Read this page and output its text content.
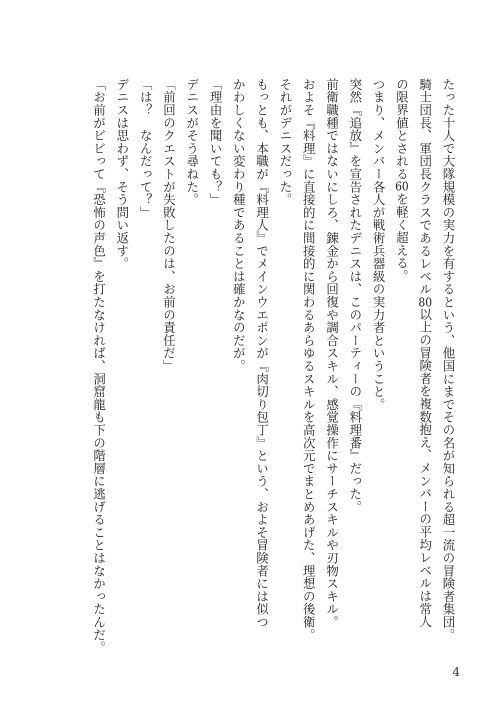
たった十人で大隊規模の実力を有するという、他国にまでその名が知られる超一流の冒険者集団。
騎士団長、軍団長クラスであるレベル80以上の冒険者を複数抱え、メンバーの平均レベルは常人
の限界値とされる60を軽く超える。
つまり、メンバー各人が戦術兵器級の実力者ということ。
突然『追放』を宣告されたデニスは、このパーティーの『料理番』だった。
前衛職種ではないにしろ、錬金から回復や調合スキル、感覚操作にサーチスキルや刃物スキル。
およそ『料理』に直接的に間接的に関わるあらゆるスキルを高次元でまとめあげた、理想の後衛。
それがデニスだった。
もっとも、本職が『料理人』でメインウエポンが『肉切り包丁』という、およそ冒険者には似つ
かわしくない変わり種であることは確かなのだが。
「理由を聞いても？」
デニスがそう尋ねた。
「前回のクエストが失敗したのは、お前の責任だ」
「は？　なんだって？」
デニスは思わず、そう問い返す。
「お前がビビって『恐怖の声色』を打たなければ、洞窟龍も下の階層に逃げることはなかったんだ。
4
